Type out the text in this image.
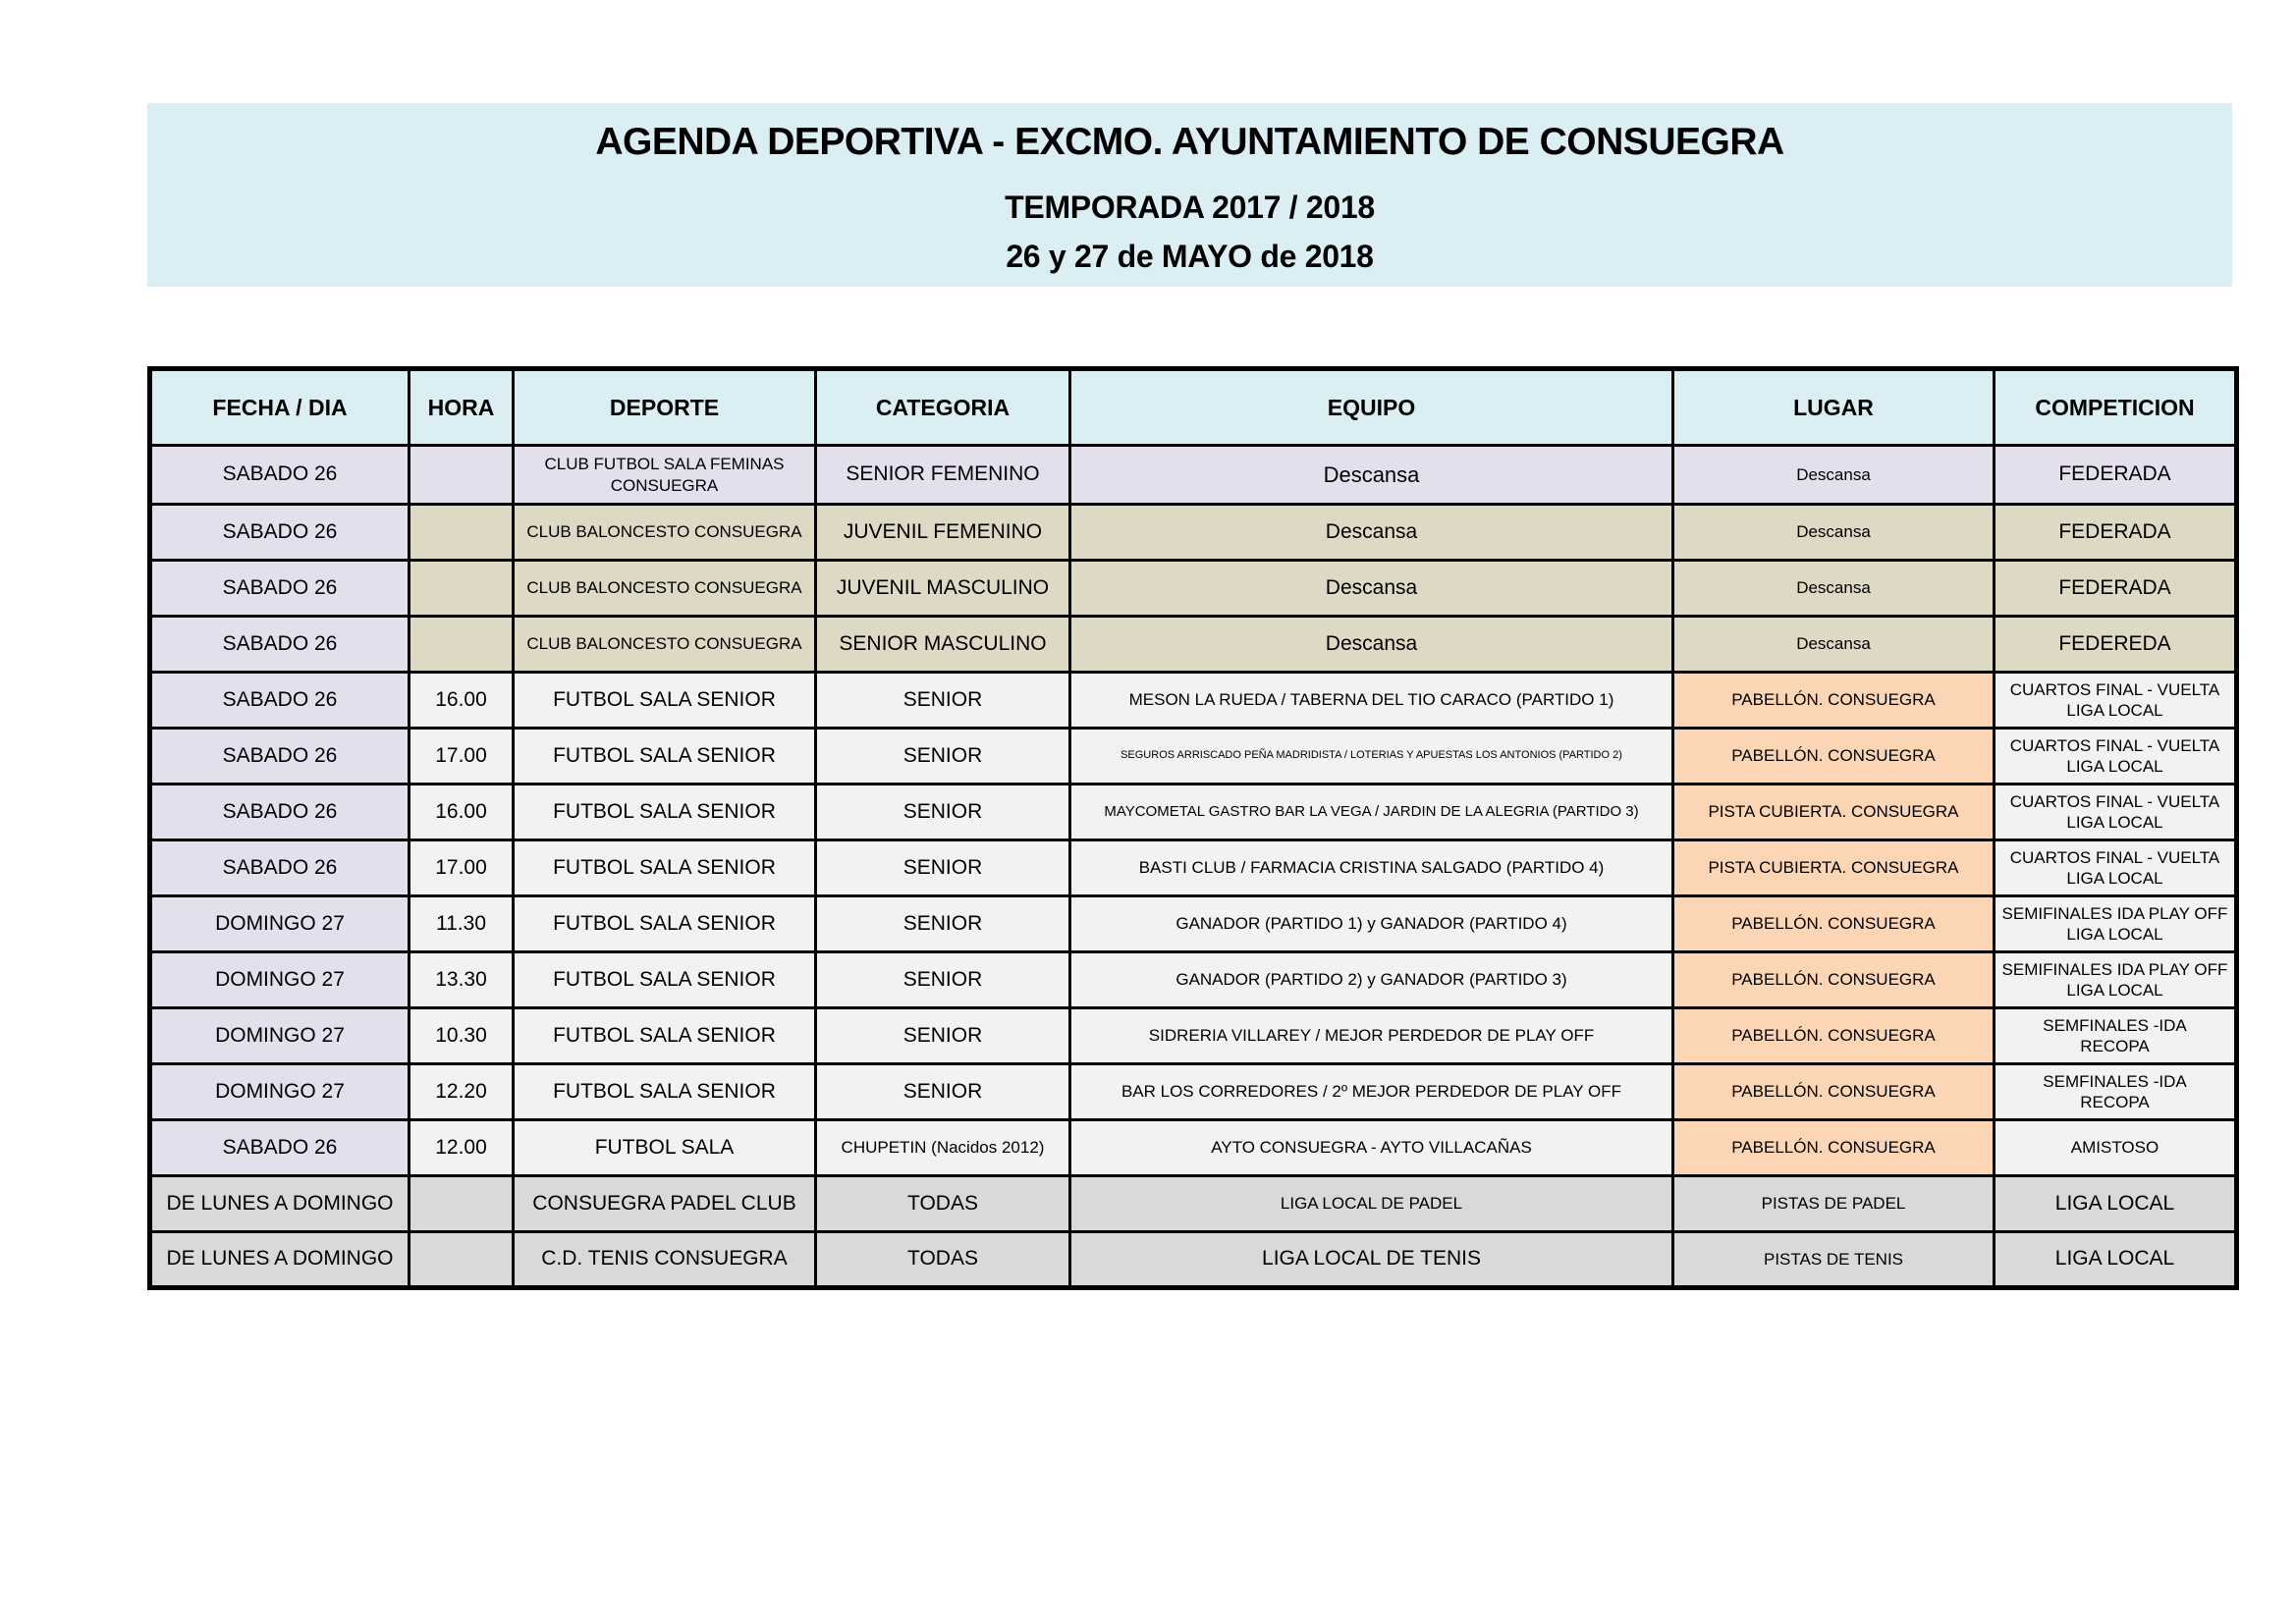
AGENDA DEPORTIVA - EXCMO. AYUNTAMIENTO DE CONSUEGRA
TEMPORADA 2017 / 2018
26 y 27 de MAYO de 2018
FECHA / DIA	HORA	DEPORTE	CATEGORIA	EQUIPO	LUGAR	COMPETICION
SABADO 26		CLUB FUTBOL SALA FEMINAS CONSUEGRA	SENIOR FEMENINO	Descansa	Descansa	FEDERADA
SABADO 26		CLUB BALONCESTO CONSUEGRA	JUVENIL FEMENINO	Descansa	Descansa	FEDERADA
SABADO 26		CLUB BALONCESTO CONSUEGRA	JUVENIL MASCULINO	Descansa	Descansa	FEDERADA
SABADO 26		CLUB BALONCESTO CONSUEGRA	SENIOR MASCULINO	Descansa	Descansa	FEDEREDA
SABADO 26	16.00	FUTBOL SALA SENIOR	SENIOR	MESON LA RUEDA / TABERNA DEL TIO CARACO (PARTIDO 1)	PABELLÓN. CONSUEGRA	CUARTOS FINAL - VUELTA
LIGA LOCAL
SABADO 26	17.00	FUTBOL SALA SENIOR	SENIOR	SEGUROS ARRISCADO PEÑA MADRIDISTA / LOTERIAS Y APUESTAS LOS ANTONIOS (PARTIDO 2)	PABELLÓN. CONSUEGRA	CUARTOS FINAL - VUELTA
LIGA LOCAL
SABADO 26	16.00	FUTBOL SALA SENIOR	SENIOR	MAYCOMETAL GASTRO BAR LA VEGA / JARDIN DE LA ALEGRIA (PARTIDO 3)	PISTA CUBIERTA. CONSUEGRA	CUARTOS FINAL - VUELTA
LIGA LOCAL
SABADO 26	17.00	FUTBOL SALA SENIOR	SENIOR	BASTI CLUB / FARMACIA CRISTINA SALGADO (PARTIDO 4)	PISTA CUBIERTA. CONSUEGRA	CUARTOS FINAL - VUELTA
LIGA LOCAL
DOMINGO 27	11.30	FUTBOL SALA SENIOR	SENIOR	GANADOR (PARTIDO 1) y GANADOR (PARTIDO 4)	PABELLÓN. CONSUEGRA	SEMIFINALES IDA PLAY OFF
LIGA LOCAL
DOMINGO 27	13.30	FUTBOL SALA SENIOR	SENIOR	GANADOR (PARTIDO 2) y GANADOR (PARTIDO 3)	PABELLÓN. CONSUEGRA	SEMIFINALES IDA PLAY OFF
LIGA LOCAL
DOMINGO 27	10.30	FUTBOL SALA SENIOR	SENIOR	SIDRERIA VILLAREY / MEJOR PERDEDOR DE PLAY OFF	PABELLÓN. CONSUEGRA	SEMFINALES -IDA
RECOPA
DOMINGO 27	12.20	FUTBOL SALA SENIOR	SENIOR	BAR LOS CORREDORES / 2º MEJOR PERDEDOR DE PLAY OFF	PABELLÓN. CONSUEGRA	SEMFINALES -IDA
RECOPA
SABADO 26	12.00	FUTBOL SALA	CHUPETIN (Nacidos 2012)	AYTO CONSUEGRA - AYTO VILLACAÑAS	PABELLÓN. CONSUEGRA	AMISTOSO
DE LUNES A DOMINGO		CONSUEGRA PADEL CLUB	TODAS	LIGA LOCAL DE PADEL	PISTAS DE PADEL	LIGA LOCAL
DE LUNES A DOMINGO		C.D. TENIS CONSUEGRA	TODAS	LIGA LOCAL DE TENIS	PISTAS DE TENIS	LIGA LOCAL
